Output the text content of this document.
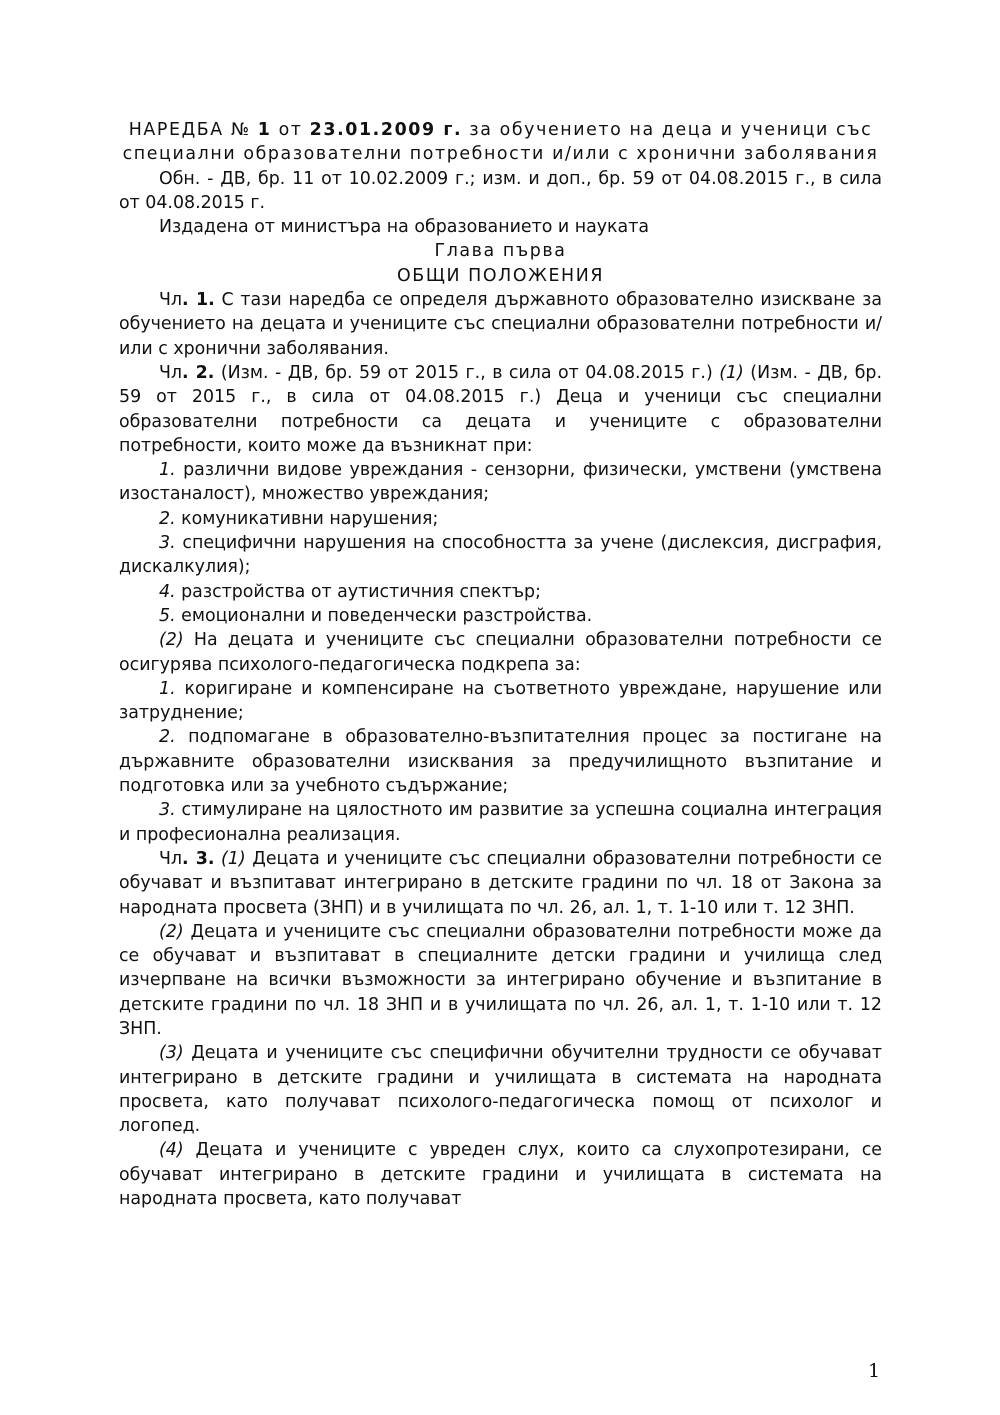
НАРЕДБА № 1 от 23.01.2009 г. за обучението на деца и ученици със специални образователни потребности и/или с хронични заболявания

Обн. - ДВ, бр. 11 от 10.02.2009 г.; изм. и доп., бр. 59 от 04.08.2015 г., в сила от 04.08.2015 г.

Издадена от министъра на образованието и науката

Глава първа

ОБЩИ ПОЛОЖЕНИЯ

Чл. 1. С тази наредба се определя държавното образователно изискване за обучението на децата и учениците със специални образователни потребности и/или с хронични заболявания.

Чл. 2. (Изм. - ДВ, бр. 59 от 2015 г., в сила от 04.08.2015 г.) (1) (Изм. - ДВ, бр. 59 от 2015 г., в сила от 04.08.2015 г.) Деца и ученици със специални образователни потребности са децата и учениците с образователни потребности, които може да възникнат при:

1. различни видове увреждания - сензорни, физически, умствени (умствена изостаналост), множество увреждания;

2. комуникативни нарушения;

3. специфични нарушения на способността за учене (дислексия, дисграфия, дискалкулия);

4. разстройства от аутистичния спектър;

5. емоционални и поведенчески разстройства.

(2) На децата и учениците със специални образователни потребности се осигурява психолого-педагогическа подкрепа за:

1. коригиране и компенсиране на съответното увреждане, нарушение или затруднение;

2. подпомагане в образователно-възпитателния процес за постигане на държавните образователни изисквания за предучилищното възпитание и подготовка или за учебното съдържание;

3. стимулиране на цялостното им развитие за успешна социална интеграция и професионална реализация.

Чл. 3. (1) Децата и учениците със специални образователни потребности се обучават и възпитават интегрирано в детските градини по чл. 18 от Закона за народната просвета (ЗНП) и в училищата по чл. 26, ал. 1, т. 1-10 или т. 12 ЗНП.

(2) Децата и учениците със специални образователни потребности може да се обучават и възпитават в специалните детски градини и училища след изчерпване на всички възможности за интегрирано обучение и възпитание в детските градини по чл. 18 ЗНП и в училищата по чл. 26, ал. 1, т. 1-10 или т. 12 ЗНП.

(3) Децата и учениците със специфични обучителни трудности се обучават интегрирано в детските градини и училищата в системата на народната просвета, като получават психолого-педагогическа помощ от психолог и логопед.

(4) Децата и учениците с увреден слух, които са слухопротезирани, се обучават интегрирано в детските градини и училищата в системата на народната просвета, като получават

1
